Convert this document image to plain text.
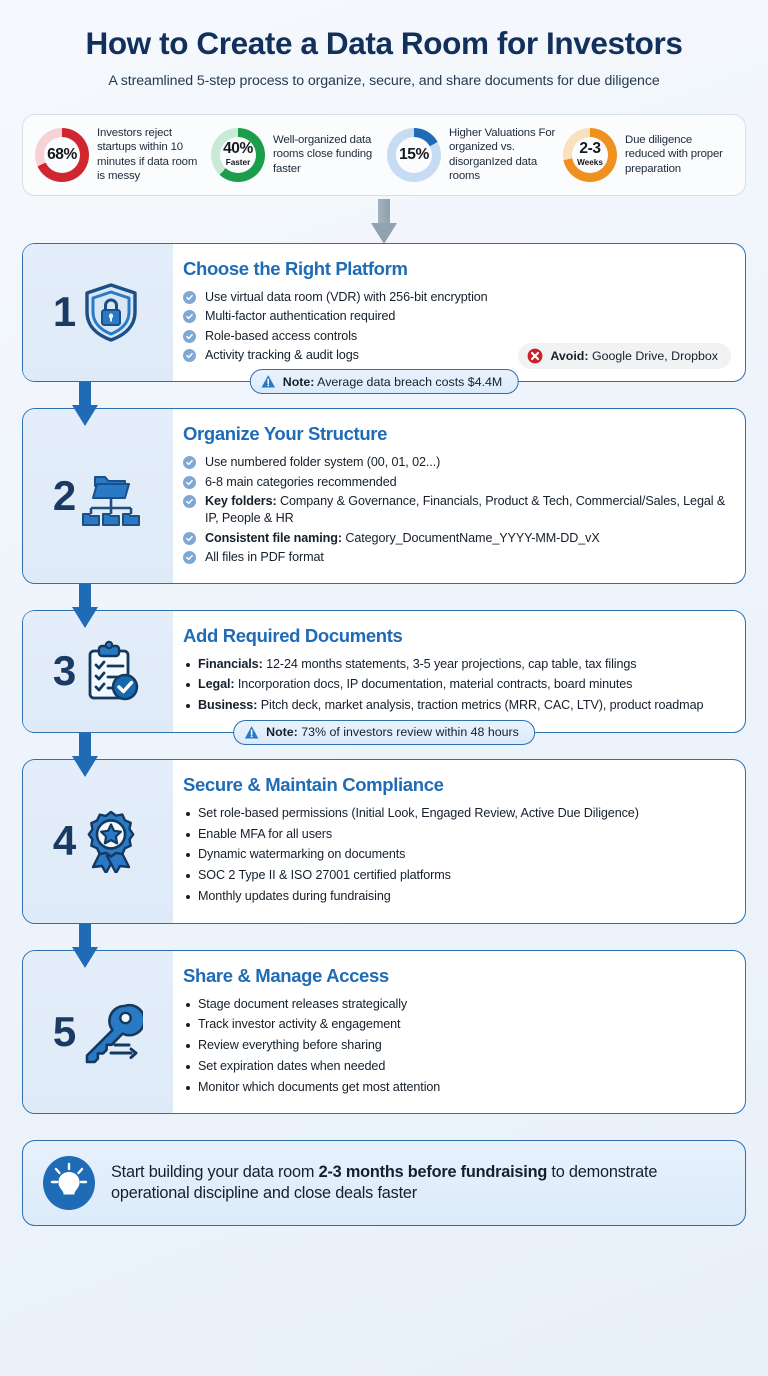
How to Create a Data Room for Investors
A streamlined 5-step process to organize, secure, and share documents for due diligence
68%
Investors reject startups within 10 minutes if data room is messy
40%
Faster
Well-organized data rooms close funding faster
15%
Higher Valuations For organized vs. disorganIzed data rooms
2-3
Weeks
Due diligence reduced with proper preparation
1
Choose the Right Platform
Use virtual data room (VDR) with 256-bit encryption
Multi-factor authentication required
Role-based access controls
Activity tracking & audit logs	Avoid: Google Drive, Dropbox
Note: Average data breach costs $4.4M
2
Organize Your Structure
Use numbered folder system (00, 01, 02...)
6-8 main categories recommended
Key folders: Company & Governance, Financials, Product & Tech, Commercial/Sales, Legal & IP, People & HR
Consistent file naming: Category_DocumentName_YYYY-MM-DD_vX
All files in PDF format
3
Add Required Documents
Financials: 12-24 months statements, 3-5 year projections, cap table, tax filings
Legal: Incorporation docs, IP documentation, material contracts, board minutes
Business: Pitch deck, market analysis, traction metrics (MRR, CAC, LTV), product roadmap
Note: 73% of investors review within 48 hours
4
Secure & Maintain Compliance
Set role-based permissions (Initial Look, Engaged Review, Active Due Diligence)
Enable MFA for all users
Dynamic watermarking on documents
SOC 2 Type II & ISO 27001 certified platforms
Monthly updates during fundraising
5
Share & Manage Access
Stage document releases strategically
Track investor activity & engagement
Review everything before sharing
Set expiration dates when needed
Monitor which documents get most attention
Start building your data room 2-3 months before fundraising to demonstrate operational discipline and close deals faster
